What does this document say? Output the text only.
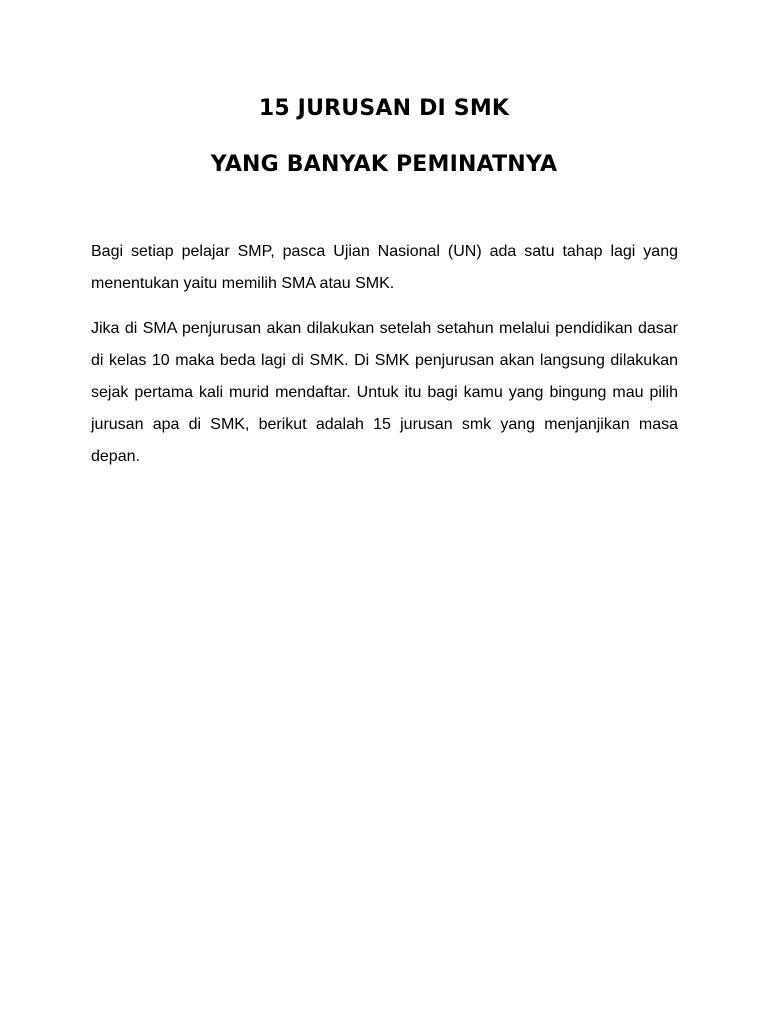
15 JURUSAN DI SMK
YANG BANYAK PEMINATNYA

Bagi setiap pelajar SMP, pasca Ujian Nasional (UN) ada satu tahap lagi yang menentukan yaitu memilih SMA atau SMK.

Jika di SMA penjurusan akan dilakukan setelah setahun melalui pendidikan dasar di kelas 10 maka beda lagi di SMK. Di SMK penjurusan akan langsung dilakukan sejak pertama kali murid mendaftar. Untuk itu bagi kamu yang bingung mau pilih jurusan apa di SMK, berikut adalah 15 jurusan smk yang menjanjikan masa depan.
